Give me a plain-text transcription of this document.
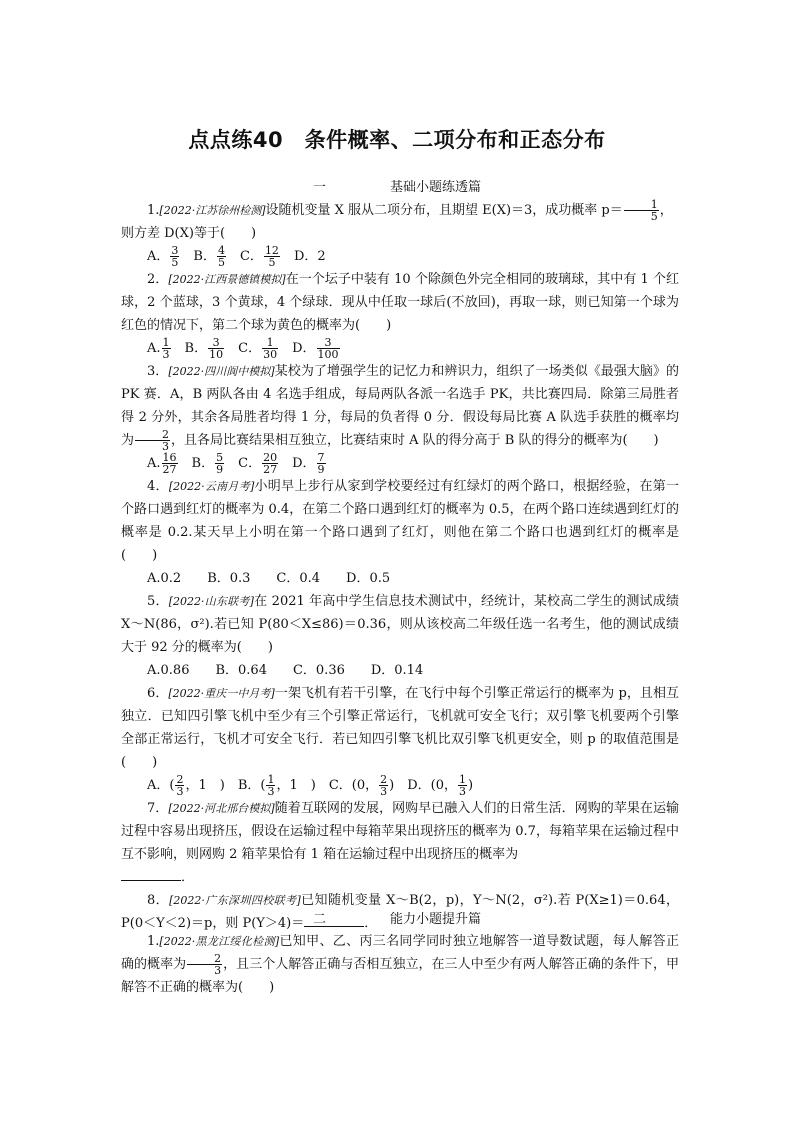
点点练40　条件概率、二项分布和正态分布
一	基础小题练透篇

1.[2022·江苏徐州检测]设随机变量 X 服从二项分布，且期望 E(X)＝3，成功概率 $p= \frac{1}{5}$ ，

则方差 D(X)等于(　　)

A． $\frac{3}{5}$
　 B． $\frac{4}{5}$
　 C． $\frac{12}{5}$
　 D．2

2．[2022·江西景德镇模拟]在一个坛子中装有 10 个除颜色外完全相同的玻璃球，其中有 1 个红球，2 个蓝球，3 个黄球，4 个绿球．现从中任取一球后(不放回)，再取一球，则已知第一个球为红色的情况下，第二个球为黄色的概率为(　　)

A. $\frac{1}{3}$
　 B． $\frac{3}{10}$
　 C． $\frac{1}{30}$
　 D． $\frac{3}{100}$

3．[2022·四川阆中模拟]某校为了增强学生的记忆力和辨识力，组织了一场类似《最强大脑》的 PK 赛．A，B 两队各由 4 名选手组成，每局两队各派一名选手 PK，共比赛四局．除第三局胜者得 2 分外，其余各局胜者均得 1 分，每局的负者得 0 分．假设每局比赛 A 队选手获胜的概率均为 $\frac{2}{3}$ ，且各局比赛结果相互独立，比赛结束时 A 队的得分高于 B 队的得分的概率为(　　)

A. $\frac{16}{27}$
　 B． $\frac{5}{9}$
　 C． $\frac{20}{27}$
　 D． $\frac{7}{9}$

4．[2022·云南月考]小明早上步行从家到学校要经过有红绿灯的两个路口，根据经验，在第一个路口遇到红灯的概率为 0.4，在第二个路口遇到红灯的概率为 0.5，在两个路口连续遇到红灯的概率是 0.2.某天早上小明在第一个路口遇到了红灯，则他在第二个路口也遇到红灯的概率是(　　)

A.0.2　　B．0.3　　C．0.4　　D．0.5

5．[2022·山东联考]在 2021 年高中学生信息技术测试中，经统计，某校高二学生的测试成绩 X～N(86，σ²).若已知 P(80＜X≤86)＝0.36，则从该校高二年级任选一名考生，他的测试成绩大于 92 分的概率为(　　)

A.0.86　　B．0.64　　C．0.36　　D．0.14

6．[2022·重庆一中月考]一架飞机有若干引擎，在飞行中每个引擎正常运行的概率为 p，且相互独立．已知四引擎飞机中至少有三个引擎正常运行，飞机就可安全飞行；双引擎飞机要两个引擎全部正常运行，飞机才可安全飞行．若已知四引擎飞机比双引擎飞机更安全，则 p 的取值范围是(　　)

A．( $\frac{2}{3}$ ，1　)　 B．( $\frac{1}{3}$ ，1　)　 C．(0， $\frac{2}{3}$ )　 D．(0， $\frac{1}{3}$ )

7．[2022·河北邢台模拟]随着互联网的发展，网购早已融入人们的日常生活．网购的苹果在运输过程中容易出现挤压，假设在运输过程中每箱苹果出现挤压的概率为 0.7，每箱苹果在运输过程中互不影响，则网购 2 箱苹果恰有 1 箱在运输过程中出现挤压的概率为

．

8．[2022·广东深圳四校联考]已知随机变量 X～B(2，p)，Y～N(2，σ²).若 P(X≥1)＝0.64，P(0＜Y＜2)＝p，则 P(Y＞4)＝	．

二	能力小题提升篇

1.[2022·黑龙江绥化检测]已知甲、乙、丙三名同学同时独立地解答一道导数试题，每人解答正确的概率为 $\frac{2}{3}$ ，且三个人解答正确与否相互独立，在三人中至少有两人解答正确的条件下，甲解答不正确的概率为(　　)
